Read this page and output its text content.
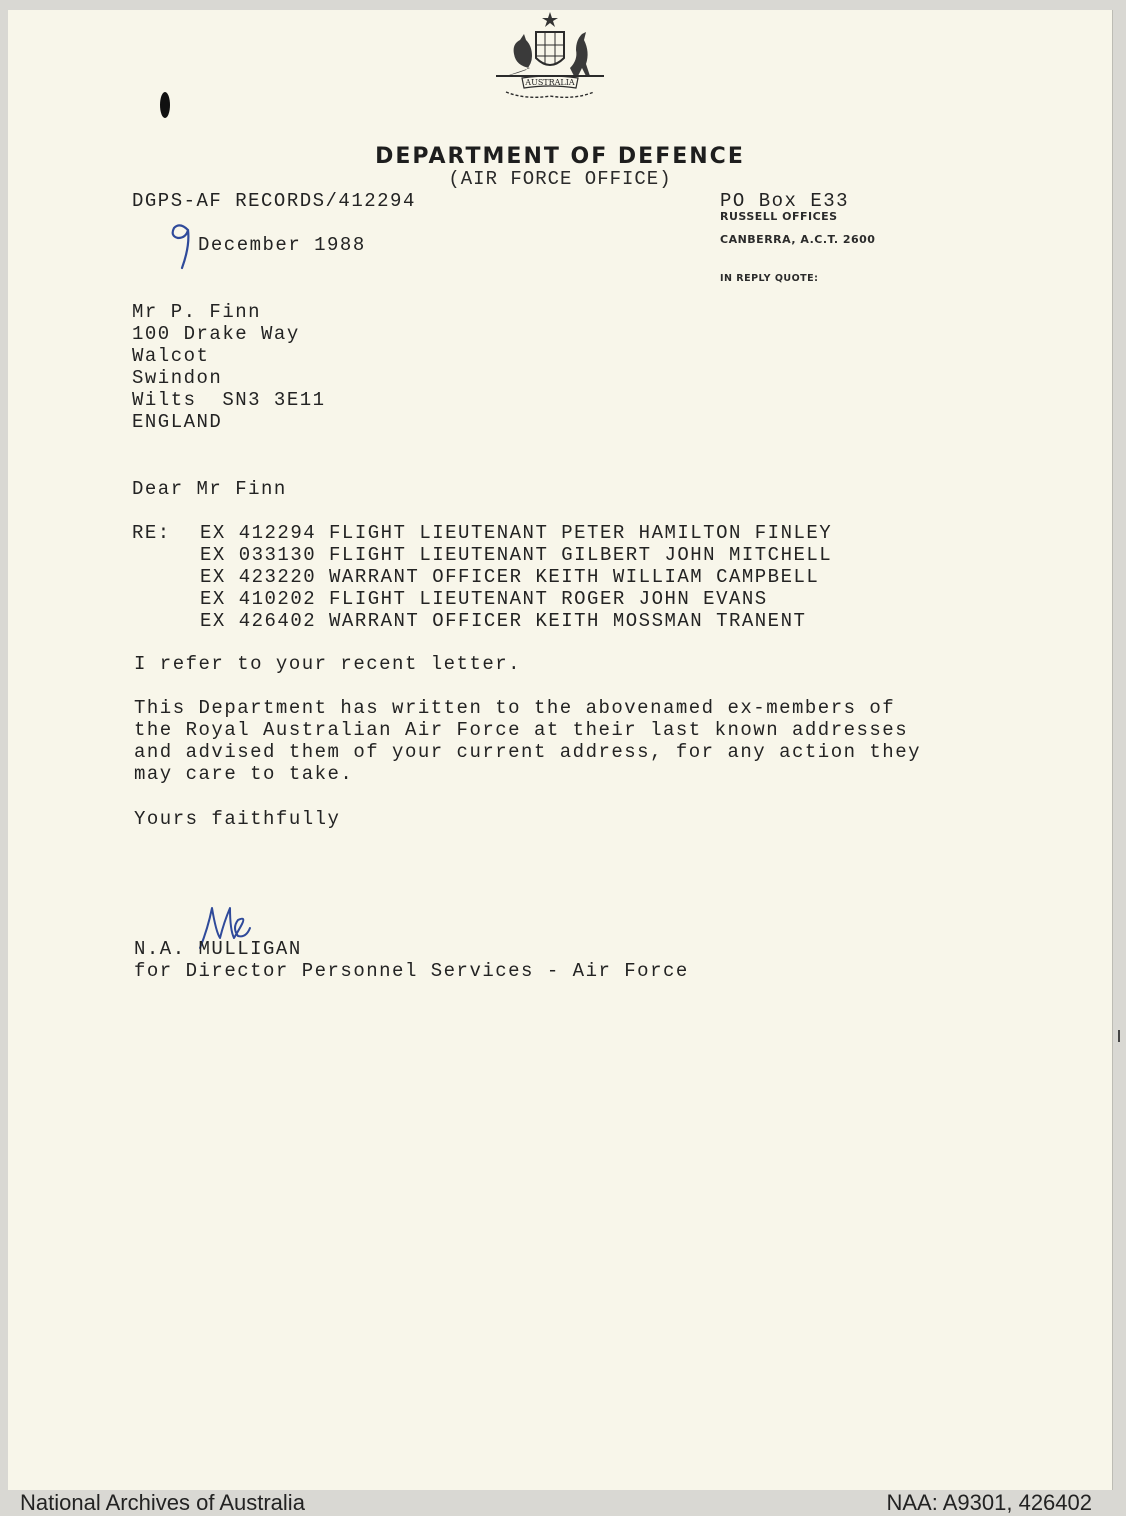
AUSTRALIA
DEPARTMENT OF DEFENCE
(AIR FORCE OFFICE)
DGPS-AF RECORDS/412294
December 1988
PO Box E33
RUSSELL OFFICES
CANBERRA, A.C.T. 2600
IN REPLY QUOTE:
Mr P. Finn
100 Drake Way
Walcot
Swindon
Wilts  SN3 3E11
ENGLAND
Dear Mr Finn
RE: EX 412294 FLIGHT LIEUTENANT PETER HAMILTON FINLEY
EX 033130 FLIGHT LIEUTENANT GILBERT JOHN MITCHELL
EX 423220 WARRANT OFFICER KEITH WILLIAM CAMPBELL
EX 410202 FLIGHT LIEUTENANT ROGER JOHN EVANS
EX 426402 WARRANT OFFICER KEITH MOSSMAN TRANENT
I refer to your recent letter.
This Department has written to the abovenamed ex-members of
the Royal Australian Air Force at their last known addresses
and advised them of your current address, for any action they
may care to take.
Yours faithfully
N.A. MULLIGAN
for Director Personnel Services - Air Force
National Archives of Australia	NAA: A9301, 426402
